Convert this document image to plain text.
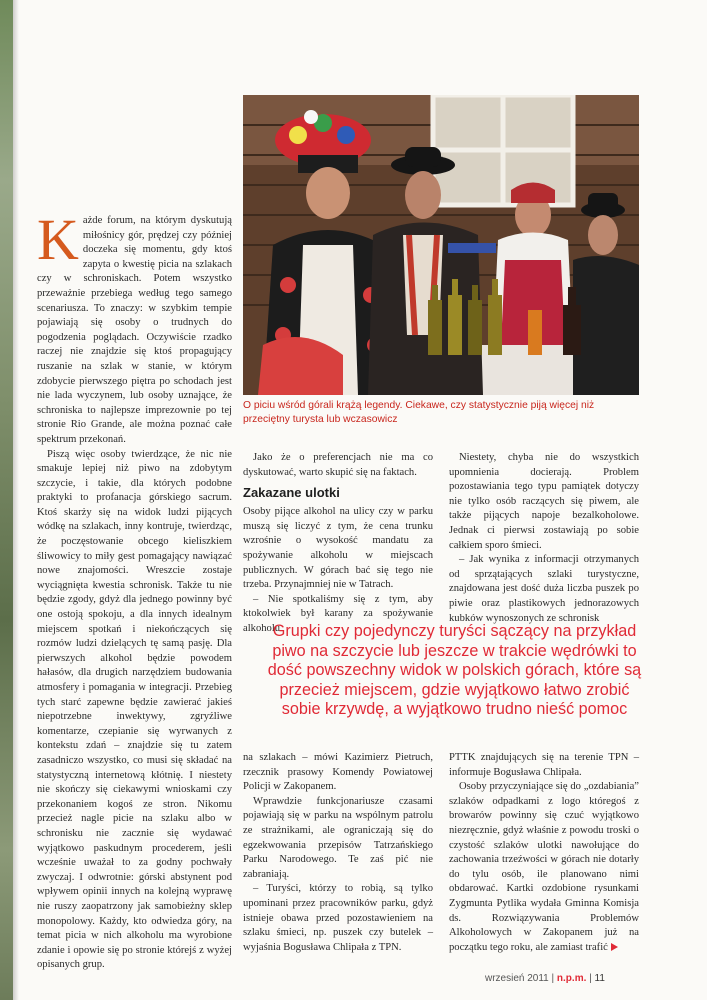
O piciu wśród górali krążą legendy. Ciekawe, czy statystycznie piją więcej niż przeciętny turysta lub wczasowicz
K ażde forum, na którym dyskutują miłośnicy gór, prędzej czy później doczeka się momentu, gdy ktoś zapyta o kwestię picia na szlakach czy w schroniskach. Potem wszystko przeważnie przebiega według tego samego scenariusza. To znaczy: w szybkim tempie pojawiają się osoby o trudnych do pogodzenia poglądach. Oczywiście rzadko raczej nie znajdzie się ktoś propagujący ruszanie na szlak w stanie, w którym zdobycie pierwszego piętra po schodach jest nie lada wyczynem, lub osoby uznające, że schroniska to najlepsze imprezownie po tej stronie Rio Grande, ale można poznać całe spektrum przekonań.

Piszą więc osoby twierdzące, że nic nie smakuje lepiej niż piwo na zdobytym szczycie, i takie, dla których podobne praktyki to profanacja górskiego sacrum. Ktoś skarży się na widok ludzi pijących wódkę na szlakach, inny kontruje, twierdząc, że poczęstowanie obcego kieliszkiem śliwowicy to miły gest pomagający nawiązać nowe znajomości. Wreszcie zostaje wyciągnięta kwestia schronisk. Także tu nie będzie zgody, gdyż dla jednego powinny być one ostoją spokoju, a dla innych idealnym miejscem spotkań i niekończących się rozmów ludzi dzielących tę samą pasję. Dla pierwszych alkohol będzie powodem hałasów, dla drugich narzędziem budowania atmosfery i pomagania w integracji. Przebieg tych starć zapewne będzie zawierać jakieś niepotrzebne inwektywy, zgryźliwe komentarze, czepianie się wyrwanych z kontekstu zdań – znajdzie się tu zatem zasadniczo wszystko, co musi się składać na statystyczną internetową kłótnię. I niestety nie skończy się ciekawymi wnioskami czy przekonaniem kogoś ze stron. Nikomu przecież nagle picie na szlaku albo w schronisku nie zacznie się wydawać wyjątkowo paskudnym procederem, jeśli wcześnie uważał to za godny pochwały zwyczaj. I odwrotnie: górski abstynent pod wpływem opinii innych na kolejną wyprawę nie ruszy zaopatrzony jak samobieżny sklep monopolowy. Każdy, kto odwiedza góry, na temat picia w nich alkoholu ma wyrobione zdanie i opowie się po stronie którejś z wyżej opisanych grup.

Jako że o preferencjach nie ma co dyskutować, warto skupić się na faktach.

Zakazane ulotki

Osoby pijące alkohol na ulicy czy w parku muszą się liczyć z tym, że cena trunku wzrośnie o wysokość mandatu za spożywanie alkoholu w miejscach publicznych. W górach bać się tego nie trzeba. Przynajmniej nie w Tatrach.

– Nie spotkaliśmy się z tym, aby ktokolwiek był karany za spożywanie alkoholu

Niestety, chyba nie do wszystkich upomnienia docierają. Problem pozostawiania tego typu pamiątek dotyczy nie tylko osób raczących się piwem, ale także pijących napoje bezalkoholowe. Jednak ci pierwsi zostawiają po sobie całkiem sporo śmieci.

– Jak wynika z informacji otrzymanych od sprzątających szlaki turystyczne, znajdowana jest dość duża liczba puszek po piwie oraz plastikowych jednorazowych kubków wynoszonych ze schronisk

Grupki czy pojedynczy turyści sączący na przykład piwo na szczycie lub jeszcze w trakcie wędrówki to dość powszechny widok w polskich górach, które są przecież miejscem, gdzie wyjątkowo łatwo zrobić sobie krzywdę, a wyjątkowo trudno nieść pomoc

na szlakach – mówi Kazimierz Pietruch, rzecznik prasowy Komendy Powiatowej Policji w Zakopanem.

Wprawdzie funkcjonariusze czasami pojawiają się w parku na wspólnym patrolu ze strażnikami, ale ograniczają się do egzekwowania przepisów Tatrzańskiego Parku Narodowego. Te zaś pić nie zabraniają.

– Turyści, którzy to robią, są tylko upominani przez pracowników parku, gdyż istnieje obawa przed pozostawieniem na szlaku śmieci, np. puszek czy butelek – wyjaśnia Bogusława Chlipała z TPN.

PTTK znajdujących się na terenie TPN – informuje Bogusława Chlipała.

Osoby przyczyniające się do „ozdabiania” szlaków odpadkami z logo któregoś z browarów powinny się czuć wyjątkowo niezręcznie, gdyż właśnie z powodu troski o czystość szlaków ulotki nawołujące do zachowania trzeźwości w górach nie dotarły do tylu osób, ile planowano nimi obdarować. Kartki ozdobione rysunkami Zygmunta Pytlika wydała Gminna Komisja ds. Rozwiązywania Problemów Alkoholowych w Zakopanem już na początku tego roku, ale zamiast trafić

wrzesień 2011 | n.p.m. | 11
